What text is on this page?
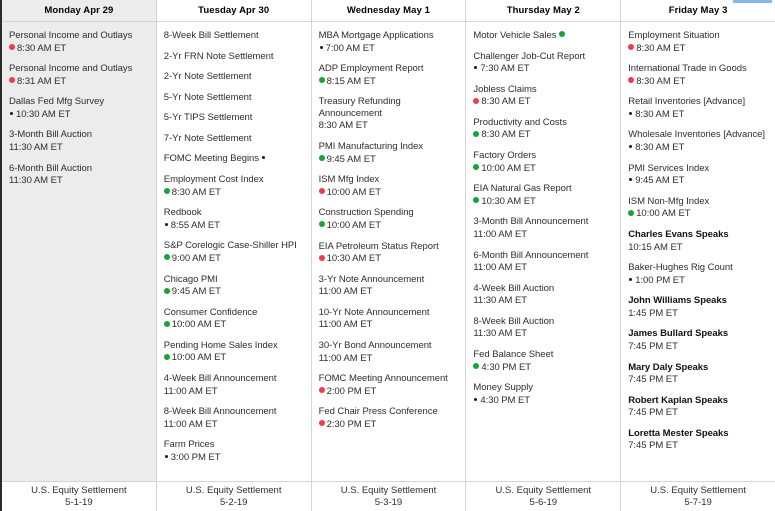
Monday Apr 29
Personal Income and Outlays
8:30 AM ET
Personal Income and Outlays
8:31 AM ET
Dallas Fed Mfg Survey
10:30 AM ET
3-Month Bill Auction
11:30 AM ET
6-Month Bill Auction
11:30 AM ET
U.S. Equity Settlement
5-1-19
Tuesday Apr 30
8-Week Bill Settlement
2-Yr FRN Note Settlement
2-Yr Note Settlement
5-Yr Note Settlement
5-Yr TIPS Settlement
7-Yr Note Settlement
FOMC Meeting Begins
Employment Cost Index
8:30 AM ET
Redbook
8:55 AM ET
S&P Corelogic Case-Shiller HPI
9:00 AM ET
Chicago PMI
9:45 AM ET
Consumer Confidence
10:00 AM ET
Pending Home Sales Index
10:00 AM ET
4-Week Bill Announcement
11:00 AM ET
8-Week Bill Announcement
11:00 AM ET
Farm Prices
3:00 PM ET
U.S. Equity Settlement
5-2-19
Wednesday May 1
MBA Mortgage Applications
7:00 AM ET
ADP Employment Report
8:15 AM ET
Treasury Refunding Announcement
8:30 AM ET
PMI Manufacturing Index
9:45 AM ET
ISM Mfg Index
10:00 AM ET
Construction Spending
10:00 AM ET
EIA Petroleum Status Report
10:30 AM ET
3-Yr Note Announcement
11:00 AM ET
10-Yr Note Announcement
11:00 AM ET
30-Yr Bond Announcement
11:00 AM ET
FOMC Meeting Announcement
2:00 PM ET
Fed Chair Press Conference
2:30 PM ET
U.S. Equity Settlement
5-3-19
Thursday May 2
Motor Vehicle Sales
Challenger Job-Cut Report
7:30 AM ET
Jobless Claims
8:30 AM ET
Productivity and Costs
8:30 AM ET
Factory Orders
10:00 AM ET
EIA Natural Gas Report
10:30 AM ET
3-Month Bill Announcement
11:00 AM ET
6-Month Bill Announcement
11:00 AM ET
4-Week Bill Auction
11:30 AM ET
8-Week Bill Auction
11:30 AM ET
Fed Balance Sheet
4:30 PM ET
Money Supply
4:30 PM ET
U.S. Equity Settlement
5-6-19
Friday May 3
Employment Situation
8:30 AM ET
International Trade in Goods
8:30 AM ET
Retail Inventories [Advance]
8:30 AM ET
Wholesale Inventories [Advance]
8:30 AM ET
PMI Services Index
9:45 AM ET
ISM Non-Mfg Index
10:00 AM ET
Charles Evans Speaks
10:15 AM ET
Baker-Hughes Rig Count
1:00 PM ET
John Williams Speaks
1:45 PM ET
James Bullard Speaks
7:45 PM ET
Mary Daly Speaks
7:45 PM ET
Robert Kaplan Speaks
7:45 PM ET
Loretta Mester Speaks
7:45 PM ET
U.S. Equity Settlement
5-7-19
